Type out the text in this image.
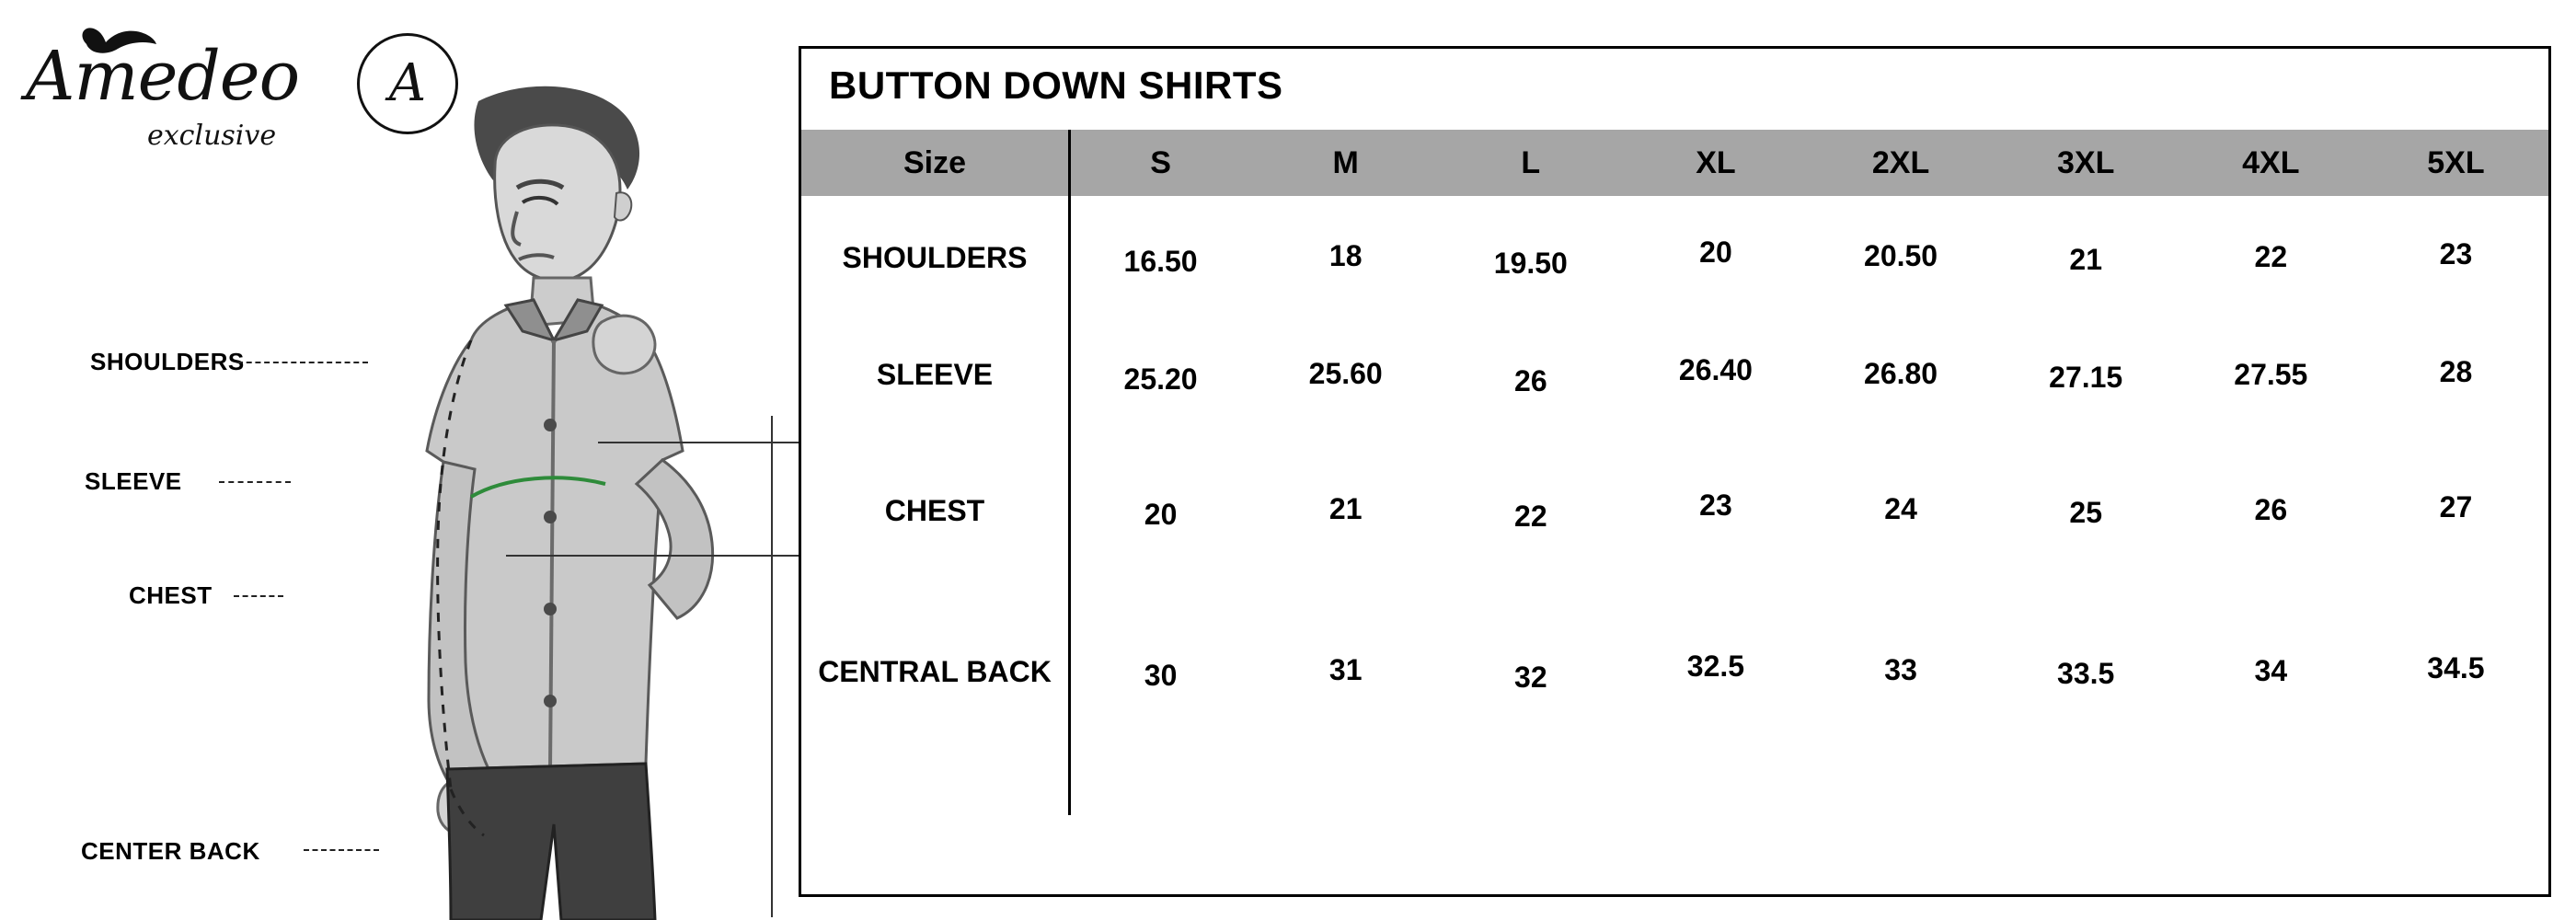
Amedeo
exclusive
A
SHOULDERS
SLEEVE
CHEST
CENTER BACK
BUTTON DOWN SHIRTS
Size	S	M	L	XL	2XL	3XL	4XL	5XL
SHOULDERS	16.50	18	19.50	20	20.50	21	22	23
SLEEVE	25.20	25.60	26	26.40	26.80	27.15	27.55	28
CHEST	20	21	22	23	24	25	26	27
CENTRAL BACK	30	31	32	32.5	33	33.5	34	34.5
